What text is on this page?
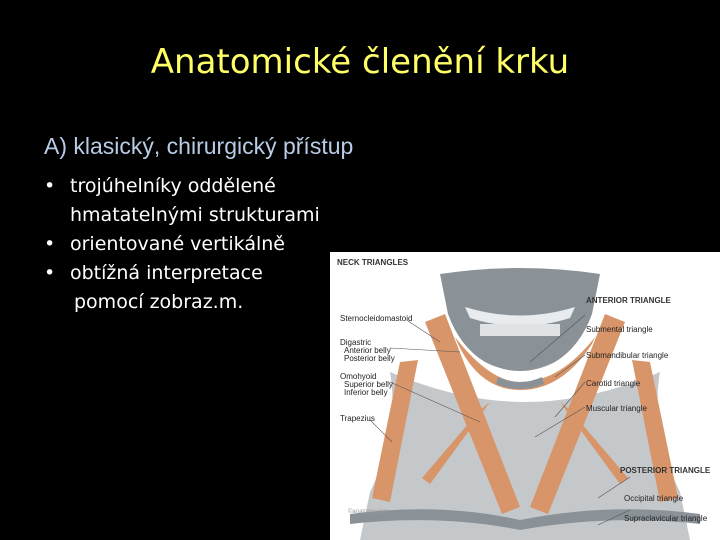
Anatomické členění krku
A) klasický, chirurgický přístup
• trojúhelníky oddělené
hmatatelnými strukturami
• orientované vertikálně
• obtížná interpretace
pomocí zobraz.m.
NECK TRIANGLES
Sternocleidomastoid
Digastric
Anterior belly
Posterior belly
Omohyoid
Superior belly
Inferior belly
Trapezius
ANTERIOR TRIANGLE
Submental triangle
Submandibular triangle
Carotid triangle
Muscular triangle
POSTERIOR TRIANGLE
Occipital triangle
Supraclavicular triangle
©anatomy.com
